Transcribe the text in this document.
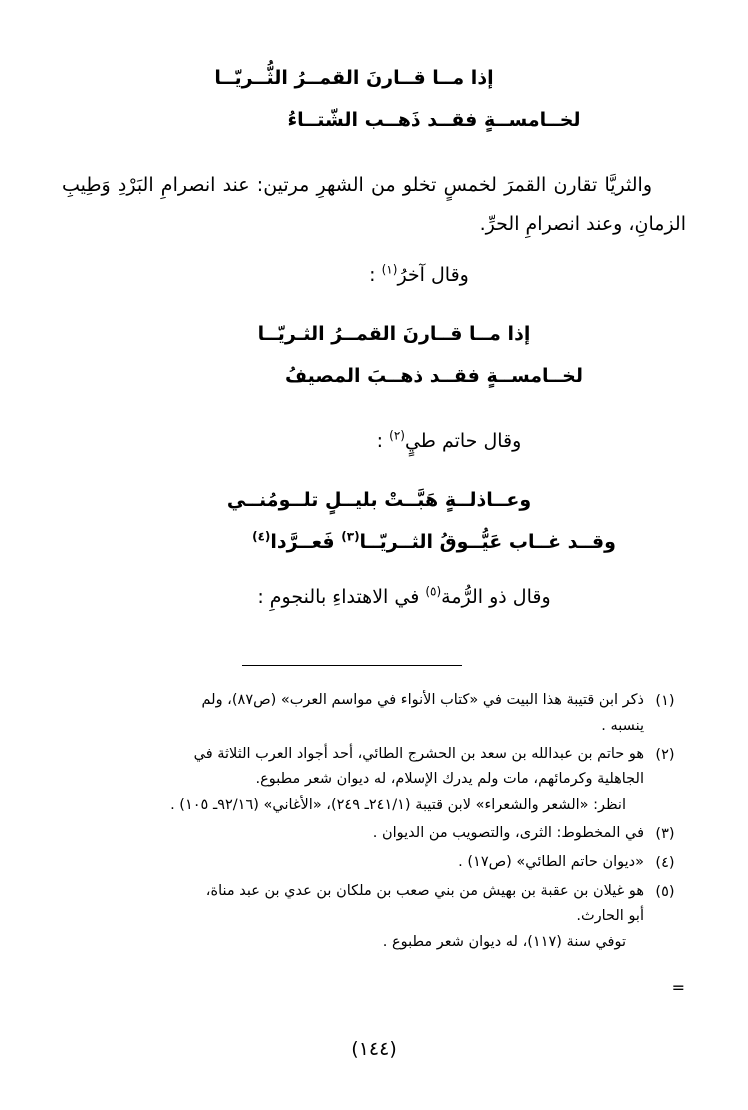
إذا مــا قــارنَ القمــرُ الثُّــريّــا
لخــامســةٍ فقــد ذَهــب الشّتــاءُ

والثريَّا تقارن القمرَ لخمسٍ تخلو من الشهرِ مرتين: عند انصرامِ البَرْدِ وَطِيبِ الزمانِ، وعند انصرامِ الحرِّ.

وقال آخرُ$^{(١)}$ :

إذا مــا قــارنَ القمــرُ الثـريّــا
لخــامســةٍ فقــد ذهــبَ المصيفُ

وقال حاتم طيٍ$^{(٢)}$ :

وعــاذلــةٍ هَبَّــتْ بليــلٍ تلــومُنــي
وقــد غــاب عَيُّــوقُ الثــريّــا$^{(٣)}$ فَعــرَّدا$^{(٤)}$

وقال ذو الرُّمة$^{(٥)}$ في الاهتداءِ بالنجومِ :

(١)
ذكر ابن قتيبة هذا البيت في «كتاب الأنواء في مواسم العرب» (ص٨٧)، ولم
ينسبه .
(٢)
هو حاتم بن عبدالله بن سعد بن الحشرج الطائي، أحد أجواد العرب الثلاثة في
الجاهلية وكرمائهم، مات ولم يدرك الإسلام، له ديوان شعر مطبوع.
انظر: «الشعر والشعراء» لابن قتيبة (٢٤١/١ـ ٢٤٩)، «الأغاني» (٩٢/١٦ـ ١٠٥) .
(٣)
في المخطوط: الثرى، والتصويب من الديوان .
(٤)
«ديوان حاتم الطائي» (ص١٧) .
(٥)
هو غيلان بن عقبة بن بهيش من بني صعب بن ملكان بن عدي بن عبد مناة،
أبو الحارث.
توفي سنة (١١٧)، له ديوان شعر مطبوع .
=
(١٤٤)
